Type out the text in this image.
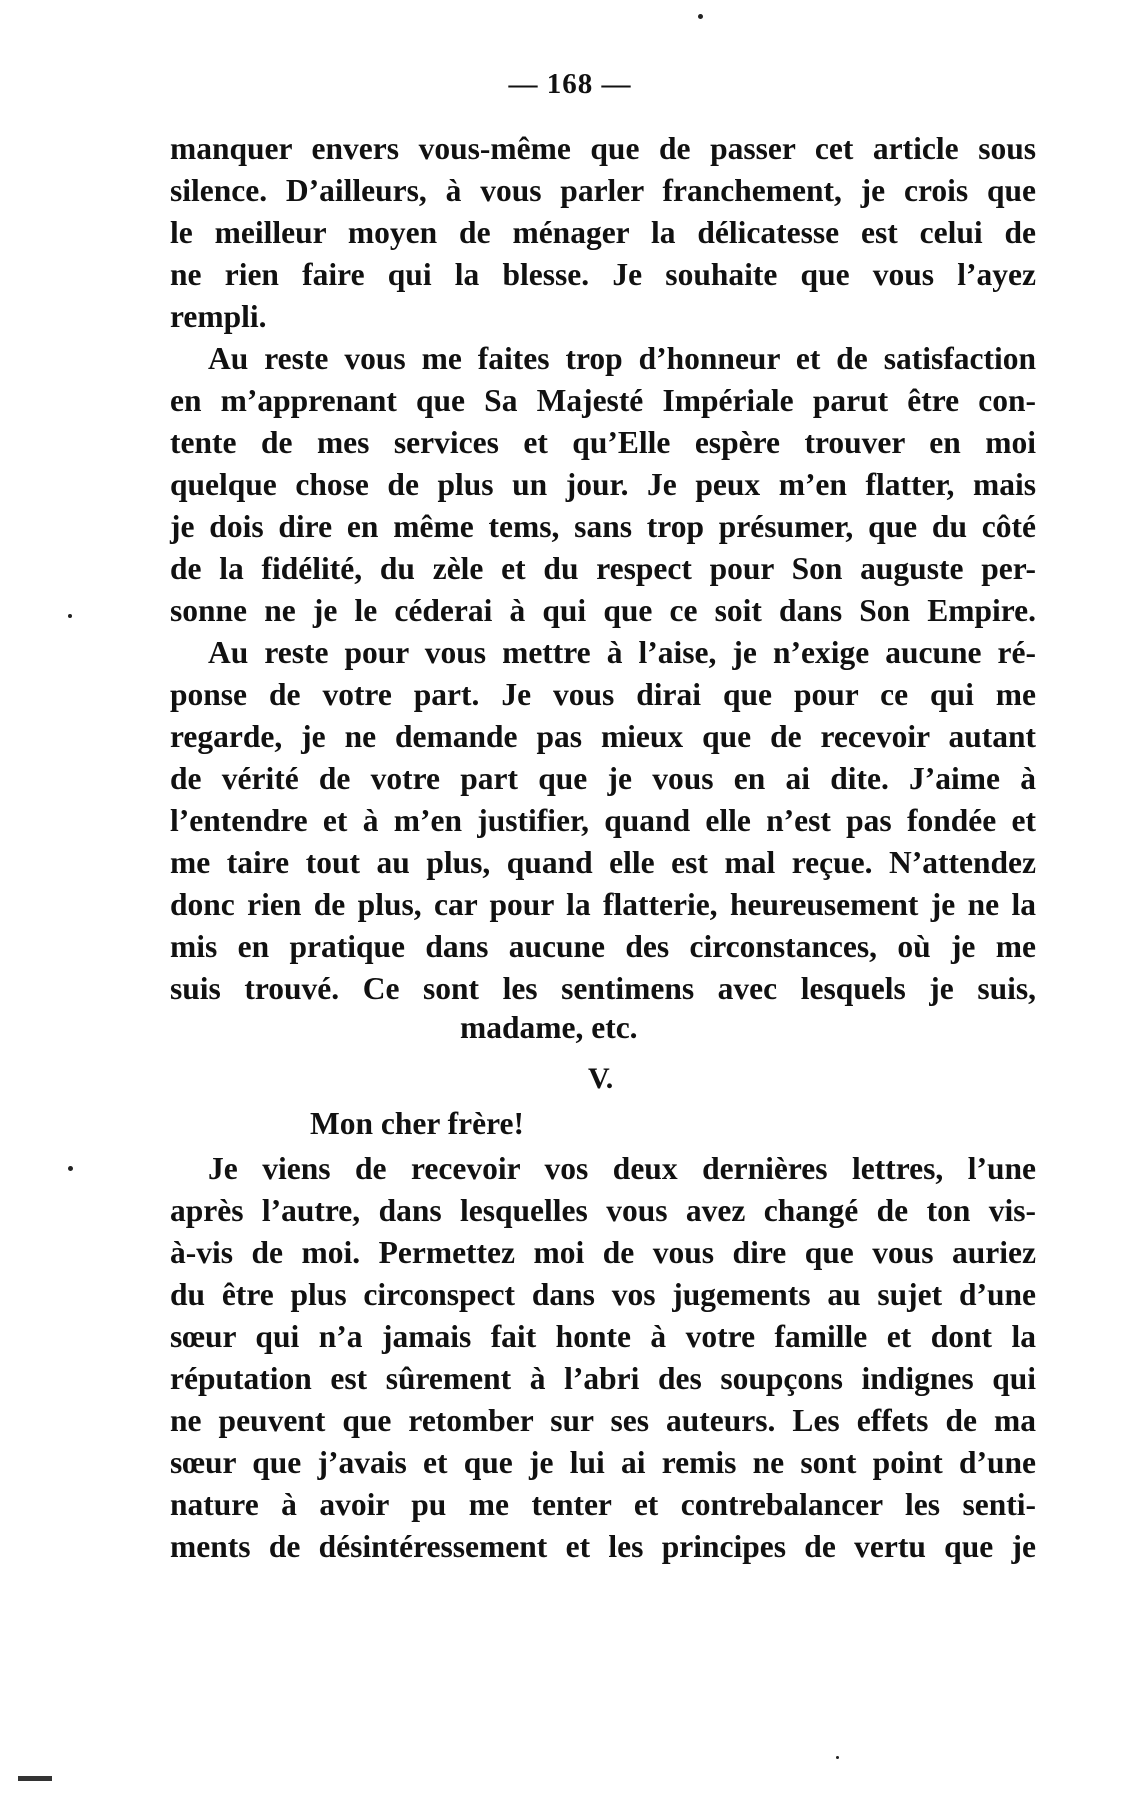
— 168 —
manquer envers vous-même que de passer cet article sous
silence. D’ailleurs, à vous parler franchement, je crois que
le meilleur moyen de ménager la délicatesse est celui de
ne rien faire qui la blesse. Je souhaite que vous l’ayez
rempli.
Au reste vous me faites trop d’honneur et de satisfaction
en m’apprenant que Sa Majesté Impériale parut être con-
tente de mes services et qu’Elle espère trouver en moi
quelque chose de plus un jour. Je peux m’en flatter, mais
je dois dire en même tems, sans trop présumer, que du côté
de la fidélité, du zèle et du respect pour Son auguste per-
sonne ne je le céderai à qui que ce soit dans Son Empire.
Au reste pour vous mettre à l’aise, je n’exige aucune ré-
ponse de votre part. Je vous dirai que pour ce qui me
regarde, je ne demande pas mieux que de recevoir autant
de vérité de votre part que je vous en ai dite. J’aime à
l’entendre et à m’en justifier, quand elle n’est pas fondée et
me taire tout au plus, quand elle est mal reçue. N’attendez
donc rien de plus, car pour la flatterie, heureusement je ne la
mis en pratique dans aucune des circonstances, où je me
suis trouvé. Ce sont les sentimens avec lesquels je suis,
madame, etc.
V.
Mon cher frère!
Je viens de recevoir vos deux dernières lettres, l’une
après l’autre, dans lesquelles vous avez changé de ton vis-
à-vis de moi. Permettez moi de vous dire que vous auriez
du être plus circonspect dans vos jugements au sujet d’une
sœur qui n’a jamais fait honte à votre famille et dont la
réputation est sûrement à l’abri des soupçons indignes qui
ne peuvent que retomber sur ses auteurs. Les effets de ma
sœur que j’avais et que je lui ai remis ne sont point d’une
nature à avoir pu me tenter et contrebalancer les senti-
ments de désintéressement et les principes de vertu que je
